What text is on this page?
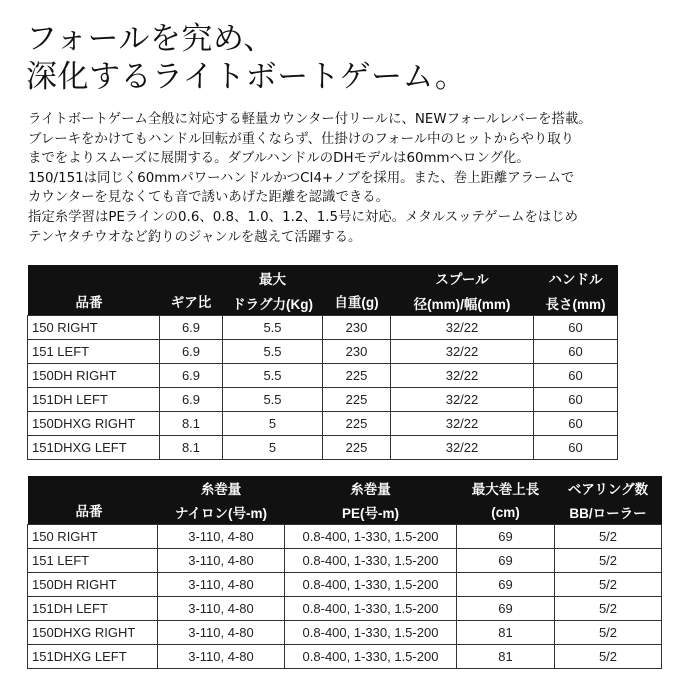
フォールを究め、
深化するライトボートゲーム。
ライトボートゲーム全般に対応する軽量カウンター付リールに、NEWフォールレバーを搭載。
ブレーキをかけてもハンドル回転が重くならず、仕掛けのフォール中のヒットからやり取り
までをよりスムーズに展開する。ダブルハンドルのDHモデルは60mmへロング化。
150/151は同じく60mmパワーハンドルかつCI4+ノブを採用。また、巻上距離アラームで
カウンターを見なくても音で誘いあげた距離を認識できる。
指定糸学習はPEラインの0.6、0.8、1.0、1.2、1.5号に対応。メタルスッテゲームをはじめ
テンヤタチウオなど釣りのジャンルを越えて活躍する。
品番	ギア比	最大	自重(g)	スプール	ハンドル
		ドラグ力(Kg)		径(mm)/幅(mm)	長さ(mm)
150 RIGHT	6.9	5.5	230	32/22	60
151 LEFT	6.9	5.5	230	32/22	60
150DH RIGHT	6.9	5.5	225	32/22	60
151DH LEFT	6.9	5.5	225	32/22	60
150DHXG RIGHT	8.1	5	225	32/22	60
151DHXG LEFT	8.1	5	225	32/22	60
品番	糸巻量	糸巻量	最大巻上長	ベアリング数
	ナイロン(号-m)	PE(号-m)	(cm)	BB/ローラー
150 RIGHT	3-110, 4-80	0.8-400, 1-330, 1.5-200	69	5/2
151 LEFT	3-110, 4-80	0.8-400, 1-330, 1.5-200	69	5/2
150DH RIGHT	3-110, 4-80	0.8-400, 1-330, 1.5-200	69	5/2
151DH LEFT	3-110, 4-80	0.8-400, 1-330, 1.5-200	69	5/2
150DHXG RIGHT	3-110, 4-80	0.8-400, 1-330, 1.5-200	81	5/2
151DHXG LEFT	3-110, 4-80	0.8-400, 1-330, 1.5-200	81	5/2
